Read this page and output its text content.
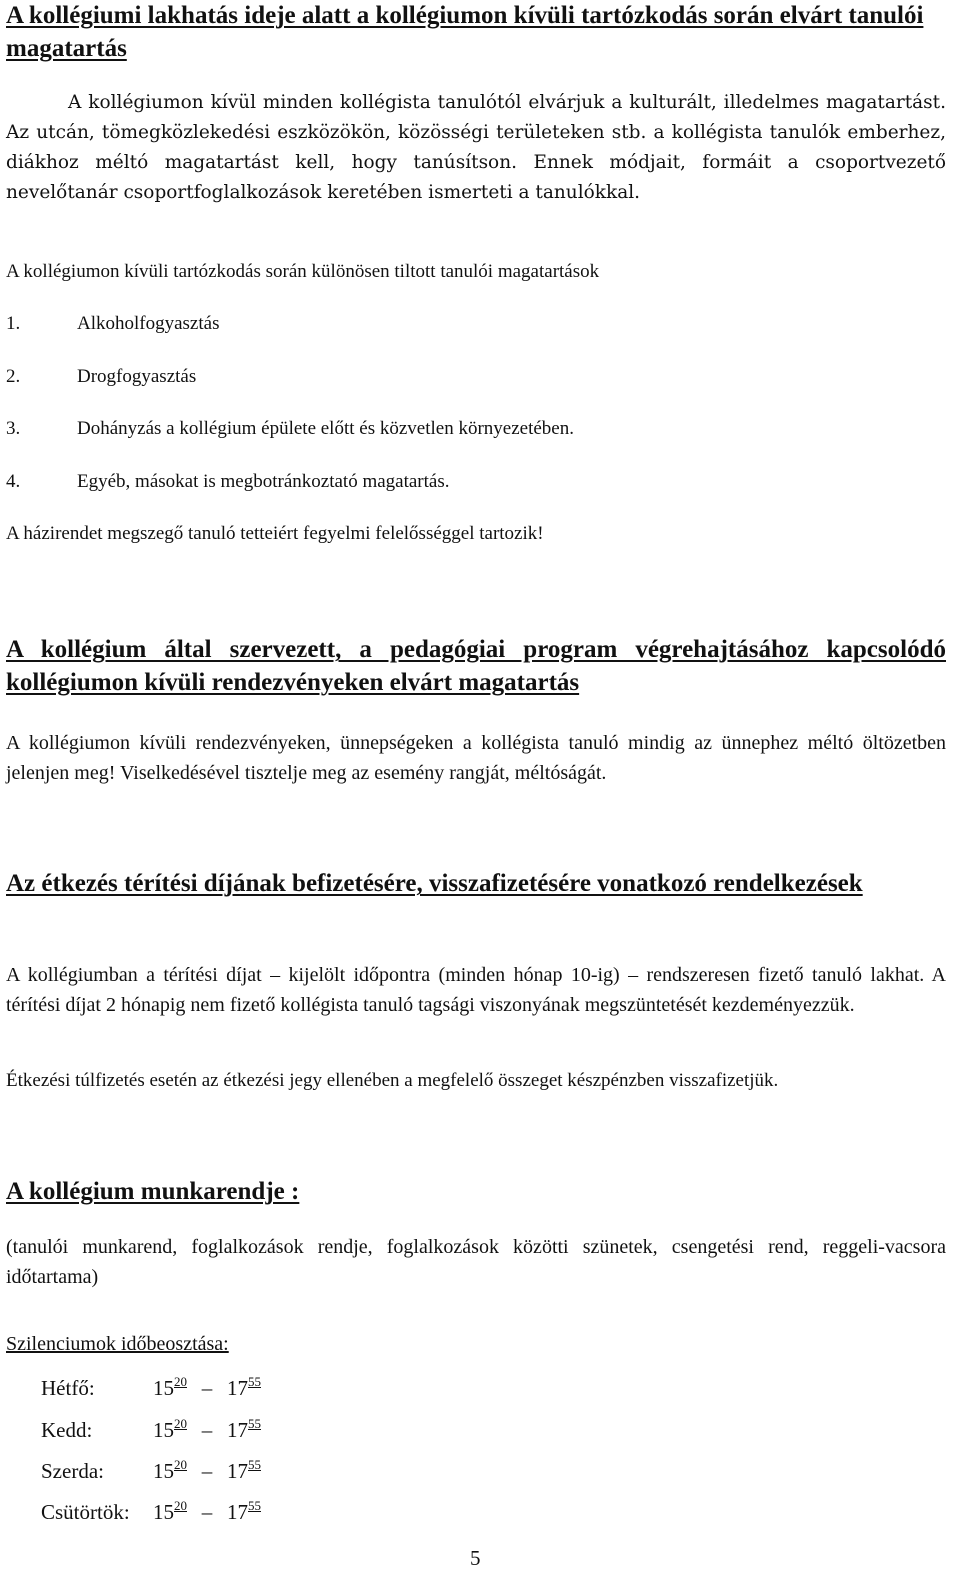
A kollégiumi lakhatás ideje alatt a kollégiumon kívüli tartózkodás során elvárt tanulói magatartás
A kollégiumon kívül minden kollégista tanulótól elvárjuk a kulturált, illedelmes magatartást. Az utcán, tömegközlekedési eszközökön, közösségi területeken stb. a kollégista tanulók emberhez, diákhoz méltó magatartást kell, hogy tanúsítson. Ennek módjait, formáit a csoportvezető nevelőtanár csoportfoglalkozások keretében ismerteti a tanulókkal.
A kollégiumon kívüli tartózkodás során különösen tiltott tanulói magatartások
1.	Alkoholfogyasztás
2.	Drogfogyasztás
3.	Dohányzás a kollégium épülete előtt és közvetlen környezetében.
4.	Egyéb, másokat is megbotránkoztató magatartás.
A házirendet megszegő tanuló tetteiért fegyelmi felelősséggel tartozik!
A kollégium által szervezett, a pedagógiai program végrehajtásához kapcsolódó kollégiumon kívüli rendezvényeken elvárt magatartás
A kollégiumon kívüli rendezvényeken, ünnepségeken a kollégista tanuló mindig az ünnephez méltó öltözetben jelenjen meg! Viselkedésével tisztelje meg az esemény rangját, méltóságát.
Az étkezés térítési díjának befizetésére, visszafizetésére vonatkozó rendelkezések
A kollégiumban a térítési díjat – kijelölt időpontra (minden hónap 10-ig) – rendszeresen fizető tanuló lakhat. A térítési díjat 2 hónapig nem fizető kollégista tanuló tagsági viszonyának megszüntetését kezdeményezzük.
Étkezési túlfizetés esetén az étkezési jegy ellenében a megfelelő összeget készpénzben visszafizetjük.
A kollégium munkarendje :
(tanulói munkarend, foglalkozások rendje, foglalkozások közötti szünetek, csengetési rend, reggeli-vacsora időtartama)
Szilenciumok időbeosztása:
Hétfő:	$15^{20} - 17^{55}$
Kedd:	$15^{20} - 17^{55}$
Szerda: $15^{20} - 17^{55}$
Csütörtök: $15^{20} - 17^{55}$
5
